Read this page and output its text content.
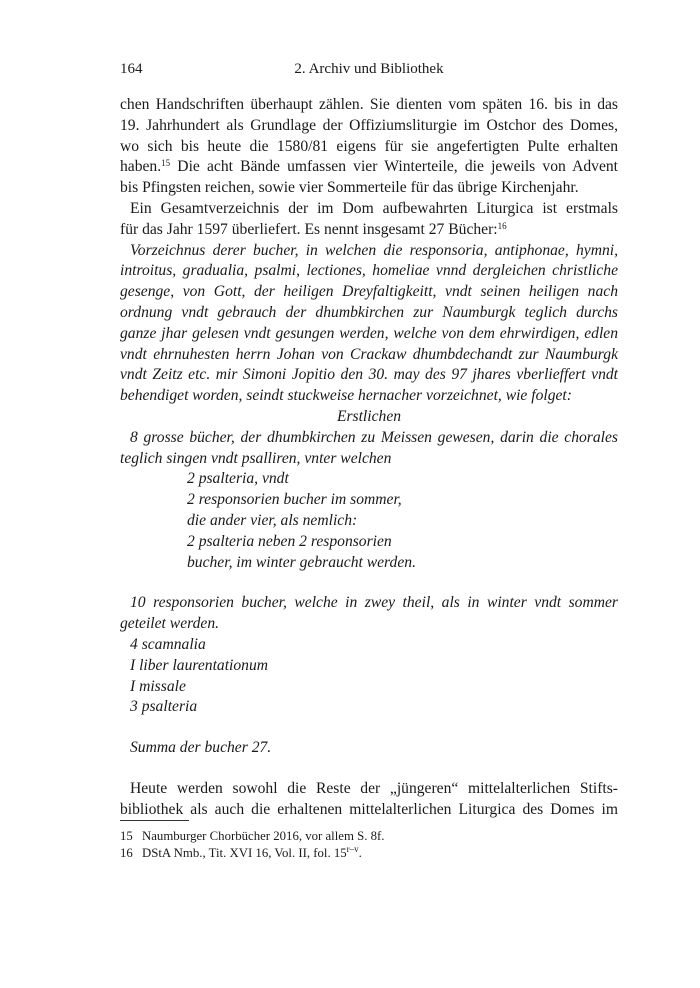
164	2. Archiv und Bibliothek
chen Handschriften überhaupt zählen. Sie dienten vom späten 16. bis in das
19. Jahrhundert als Grundlage der Offiziumsliturgie im Ostchor des Domes,
wo sich bis heute die 1580/81 eigens für sie angefertigten Pulte erhalten
haben.$^{15}$ Die acht Bände umfassen vier Winterteile, die jeweils von Advent
bis Pfingsten reichen, sowie vier Sommerteile für das übrige Kirchenjahr.
Ein Gesamtverzeichnis der im Dom aufbewahrten Liturgica ist erstmals
für das Jahr 1597 überliefert. Es nennt insgesamt 27 Bücher:$^{16}$
Vorzeichnus derer bucher, in welchen die responsoria, antiphonae, hymni,
introitus, gradualia, psalmi, lectiones, homeliae vnnd dergleichen christliche
gesenge, von Gott, der heiligen Dreyfaltigkeitt, vndt seinen heiligen nach
ordnung vndt gebrauch der dhumbkirchen zur Naumburgk teglich durchs
ganze jhar gelesen vndt gesungen werden, welche von dem ehrwirdigen, edlen
vndt ehrnuhesten herrn Johan von Crackaw dhumbdechandt zur Naumburgk
vndt Zeitz etc. mir Simoni Jopitio den 30. may des 97 jhares vberlieffert vndt
behendiget worden, seindt stuckweise hernacher vorzeichnet, wie folget:
Erstlichen
8 grosse bücher, der dhumbkirchen zu Meissen gewesen, darin die chorales
teglich singen vndt psalliren, vnter welchen
2 psalteria, vndt
2 responsorien bucher im sommer,
die ander vier, als nemlich:
2 psalteria neben 2 responsorien
bucher, im winter gebraucht werden.
10 responsorien bucher, welche in zwey theil, als in winter vndt sommer
geteilet werden.
4 scamnalia
I liber laurentationum
I missale
3 psalteria
Summa der bucher 27.
Heute werden sowohl die Reste der „jüngeren“ mittelalterlichen Stifts-
bibliothek als auch die erhaltenen mittelalterlichen Liturgica des Domes im
15 Naumburger Chorbücher 2016, vor allem S. 8f.
16 DStA Nmb., Tit. XVI 16, Vol. II, fol. 15$^{r-v}$.
